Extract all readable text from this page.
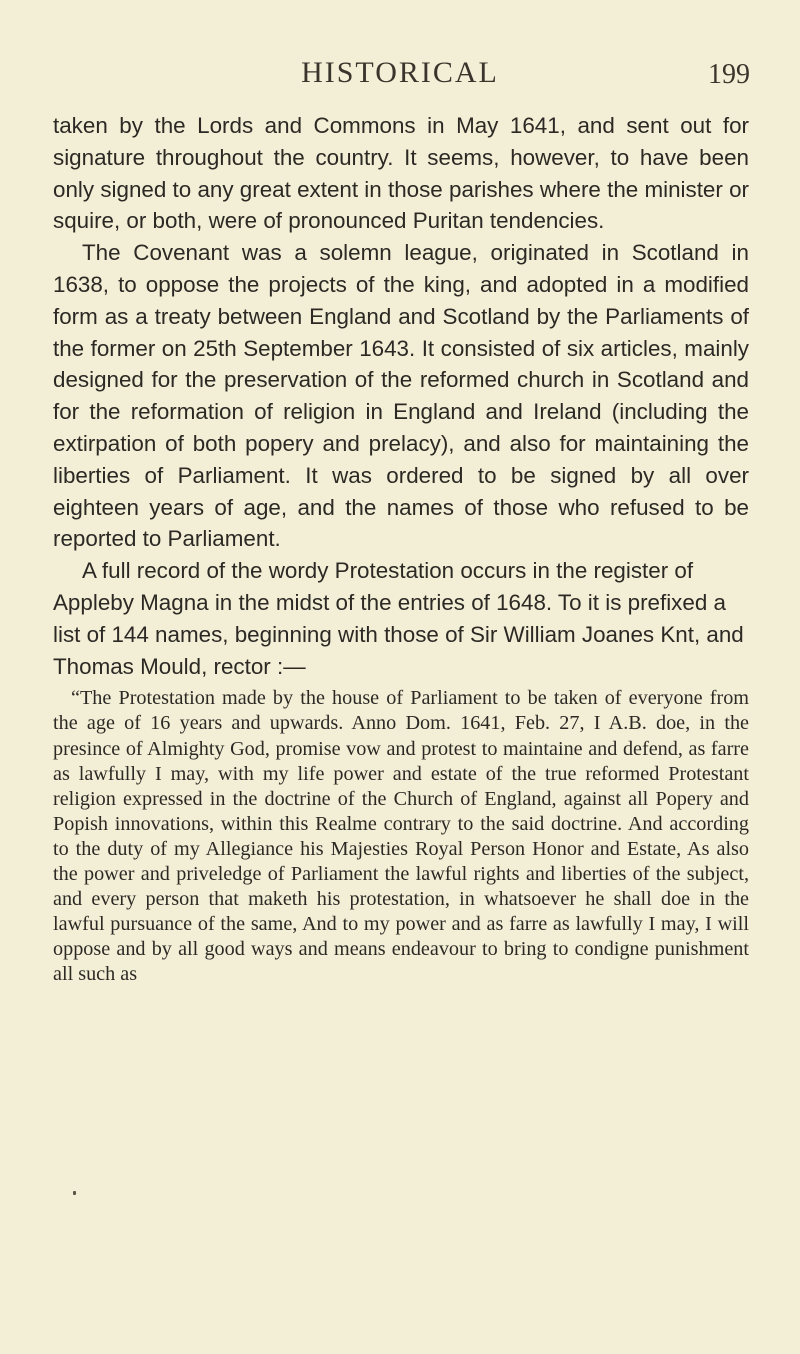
HISTORICAL	199

taken by the Lords and Commons in May 1641, and sent out for signature throughout the country. It seems, however, to have been only signed to any great extent in those parishes where the minister or squire, or both, were of pronounced Puritan tendencies.

The Covenant was a solemn league, originated in Scotland in 1638, to oppose the projects of the king, and adopted in a modified form as a treaty between England and Scotland by the Parliaments of the former on 25th September 1643. It consisted of six articles, mainly designed for the preservation of the reformed church in Scotland and for the reformation of religion in England and Ireland (including the extirpation of both popery and prelacy), and also for maintaining the liberties of Parliament. It was ordered to be signed by all over eighteen years of age, and the names of those who refused to be reported to Parliament.

A full record of the wordy Protestation occurs in the register of Appleby Magna in the midst of the entries of 1648. To it is prefixed a list of 144 names, beginning with those of Sir William Joanes Knt, and Thomas Mould, rector :—

“The Protestation made by the house of Parliament to be taken of everyone from the age of 16 years and upwards. Anno Dom. 1641, Feb. 27, I A.B. doe, in the presince of Almighty God, promise vow and protest to maintaine and defend, as farre as lawfully I may, with my life power and estate of the true reformed Protestant religion expressed in the doctrine of the Church of England, against all Popery and Popish innovations, within this Realme contrary to the said doctrine. And according to the duty of my Allegiance his Majesties Royal Person Honor and Estate, As also the power and priveledge of Parliament the lawful rights and liberties of the subject, and every person that maketh his protestation, in whatsoever he shall doe in the lawful pursuance of the same, And to my power and as farre as lawfully I may, I will oppose and by all good ways and means endeavour to bring to condigne punishment all such as
